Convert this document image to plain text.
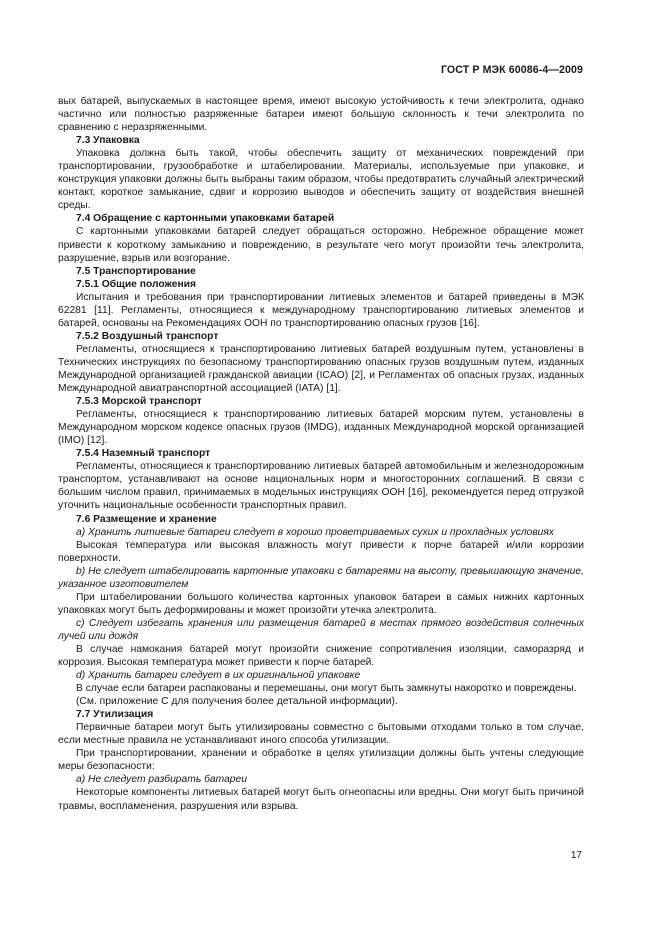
ГОСТ Р МЭК 60086-4—2009

вых батарей, выпускаемых в настоящее время, имеют высокую устойчивость к течи электролита, однако частично или полностью разряженные батареи имеют большую склонность к течи электролита по сравнению с неразряженными.

7.3 Упаковка

Упаковка должна быть такой, чтобы обеспечить защиту от механических повреждений при транспортировании, грузообработке и штабелировании. Материалы, используемые при упаковке, и конструкция упаковки должны быть выбраны таким образом, чтобы предотвратить случайный электрический контакт, короткое замыкание, сдвиг и коррозию выводов и обеспечить защиту от воздействия внешней среды.

7.4 Обращение с картонными упаковками батарей

С картонными упаковками батарей следует обращаться осторожно. Небрежное обращение может привести к короткому замыканию и повреждению, в результате чего могут произойти течь электролита, разрушение, взрыв или возгорание.

7.5 Транспортирование

7.5.1 Общие положения

Испытания и требования при транспортировании литиевых элементов и батарей приведены в МЭК 62281 [11]. Регламенты, относящиеся к международному транспортированию литиевых элементов и батарей, основаны на Рекомендациях ООН по транспортированию опасных грузов [16].

7.5.2 Воздушный транспорт

Регламенты, относящиеся к транспортированию литиевых батарей воздушным путем, установлены в Технических инструкциях по безопасному транспортированию опасных грузов воздушным путем, изданных Международной организацией гражданской авиации (ICAO) [2], и Регламентах об опасных грузах, изданных Международной авиатранспортной ассоциацией (IATA) [1].

7.5.3 Морской транспорт

Регламенты, относящиеся к транспортированию литиевых батарей морским путем, установлены в Международном морском кодексе опасных грузов (IMDG), изданных Международной морской организацией (IMO) [12].

7.5.4 Наземный транспорт

Регламенты, относящиеся к транспортированию литиевых батарей автомобильным и железнодорожным транспортом, устанавливают на основе национальных норм и многосторонних соглашений. В связи с большим числом правил, принимаемых в модельных инструкциях ООН [16], рекомендуется перед отгрузкой уточнить национальные особенности транспортных правил.

7.6 Размещение и хранение

a) Хранить литиевые батареи следует в хорошо проветриваемых сухих и прохладных условиях

Высокая температура или высокая влажность могут привести к порче батарей и/или коррозии поверхности.

b) Не следует штабелировать картонные упаковки с батареями на высоту, превышающую значение, указанное изготовителем

При штабелировании большого количества картонных упаковок батареи в самых нижних картонных упаковках могут быть деформированы и может произойти утечка электролита.

c) Следует избегать хранения или размещения батарей в местах прямого воздействия солнечных лучей или дождя

В случае намокания батарей могут произойти снижение сопротивления изоляции, саморазряд и коррозия. Высокая температура может привести к порче батарей.

d) Хранить батареи следует в их оригинальной упаковке

В случае если батареи распакованы и перемешаны, они могут быть замкнуты накоротко и повреждены.

(См. приложение С для получения более детальной информации).

7.7 Утилизация

Первичные батареи могут быть утилизированы совместно с бытовыми отходами только в том случае, если местные правила не устанавливают иного способа утилизации.

При транспортировании, хранении и обработке в целях утилизации должны быть учтены следующие меры безопасности:

a) Не следует разбирать батареи

Некоторые компоненты литиевых батарей могут быть огнеопасны или вредны. Они могут быть причиной травмы, воспламенения, разрушения или взрыва.

17
